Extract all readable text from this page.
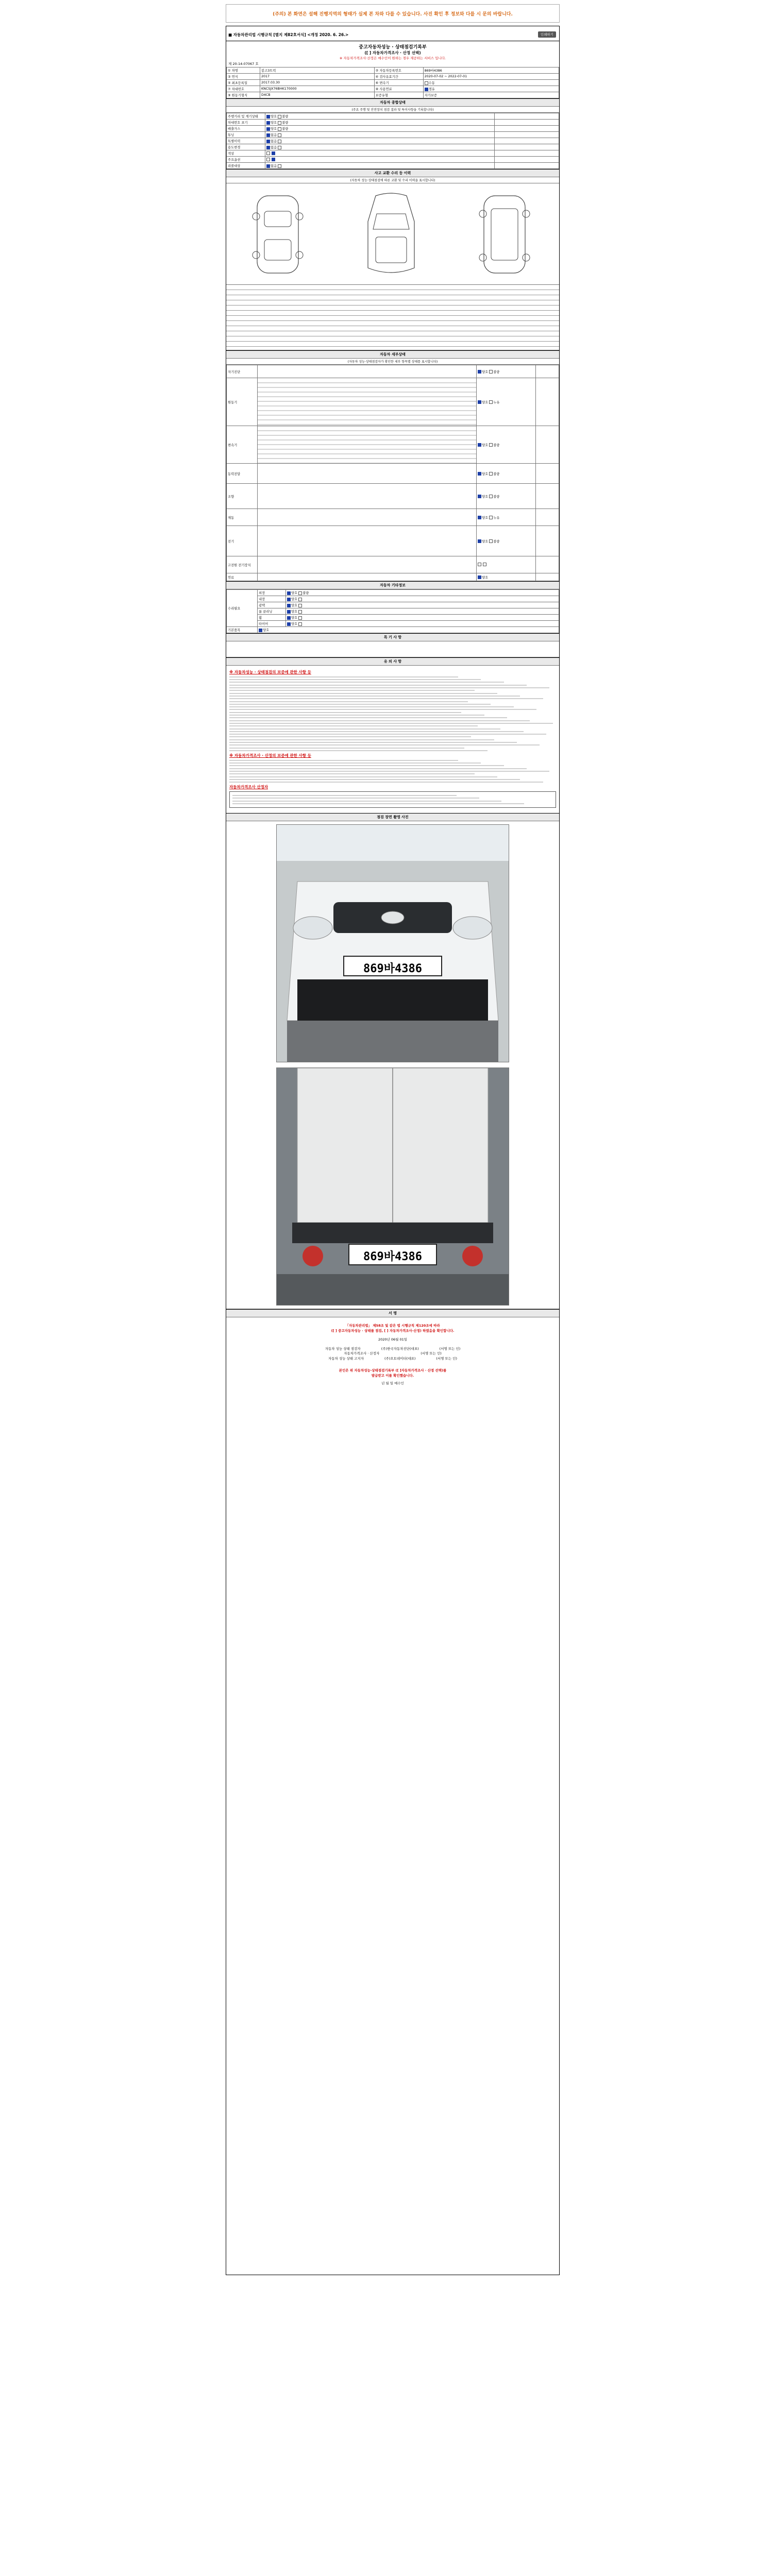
(주의) 본 화면은 설해 진행지역의 형태가 실제 본 차와 다를 수 있습니다. 사진 확인 후 정보와 다를 시 문의 바랍니다.
■ 자동차관리법 시행규칙 [별지 제82호서식] <개정 2020. 6. 26.>	인쇄하기
중고자동차성능 · 상태점검기록부
([ ] 자동차가격조사 · 산정 선택)
※ 자동차가격조사·산정은 매수인이 원하는 경우 제공하는 서비스 입니다.
제 20-14-07067 호
① 차명	봉고3트럭	② 자동차등록번호	869바4386
③ 연식	2017	④ 검사유효기간	2020-07-02 ~ 2022-07-01
⑤ 최초등록일	2017.03.30	⑥ 변속기	수동
⑦ 차대번호	KNCSJX76BHK170000	⑧ 사용연료	경유
⑨ 원동기형식	D4CB	보증유형	자가보증
자동차 종합상태
(주요 주행 및 안전장치 점검 결과 및 특이사항을 기록합니다)
주행거리 및 계기상태	양호 불량	
차대번호 표기	양호 불량	
배출가스	양호 불량	
튜닝	없음	
특별이력	없음	
용도변경	없음	
색상		
주요옵션		
리콜대상	없음	
사고 교환 수리 등 이력
(자동차 성능·상태점검에 따른 교환 및 수리 이력을 표시합니다)
자동차 세부상태
(자동차 성능·상태점검자가 확인한 세부 항목별 상태를 표시합니다)
자기진단		양호 불량	
원동기		양호 누유	
변속기		양호 불량	
동력전달		양호 불량	
조향		양호 불량	
제동		양호 누유	
전기		양호 불량	
고전원 전기장치			
연료		양호	
자동차 기타정보
수리필요	외장	양호 불량
	내장	양호
	광택	양호
	룸 클리닝	양호
	휠	양호
	타이어	양호
기본품목	양호	
특 기 사 항
유 의 사 항
※ 자동차성능 · 상태점검의 보증에 관한 사항 등
※ 자동차가격조사 · 산정의 보증에 관한 사항 등
자동차가격조사 산정자
점검 장면 촬영 사진
869바4386
869바4386
서 명
「자동차관리법」 제58조 및 같은 법 시행규칙 제120조에 따라
([ ] 중고자동차성능 · 상태를 점검, [ ] 자동차가격조사·산정) 하였음을 확인합니다.
2020년 06월 01일
자동차 성능 상태 점검자	(주)한국자동차진단(대표)	(서명 또는 인)
자동차가격조사 · 산정자	(서명 또는 인)
자동차 성능 상태 고지자	(주)오토데이터(대표)	(서명 또는 인)
본인은 위 자동차성능·상태점검기록부 ([ ]자동차가격조사 · 산정 선택)를
발급받고 이를 확인했습니다.
년 월 일 매수인
